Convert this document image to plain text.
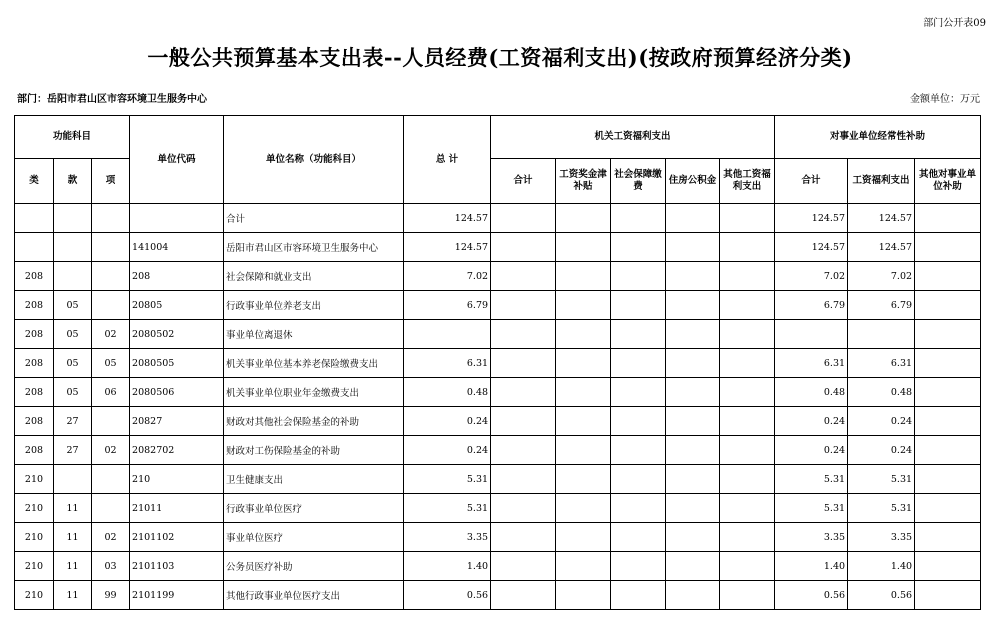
部门公开表09
一般公共预算基本支出表--人员经费(工资福利支出)(按政府预算经济分类)
部门：岳阳市君山区市容环境卫生服务中心	金额单位：万元
功能科目			单位代码	单位名称（功能科目）	总 计	机关工资福利支出					对事业单位经常性补助		
类	款	项				合计	工资奖金津补贴	社会保障缴费	住房公积金	其他工资福利支出	合计	工资福利支出	其他对事业单位补助
				合计	124.57						124.57	124.57	
			141004	岳阳市君山区市容环境卫生服务中心	124.57						124.57	124.57	
208			208	社会保障和就业支出	7.02						7.02	7.02	
208	05		20805	行政事业单位养老支出	6.79						6.79	6.79	
208	05	02	2080502	事业单位离退休									
208	05	05	2080505	机关事业单位基本养老保险缴费支出	6.31						6.31	6.31	
208	05	06	2080506	机关事业单位职业年金缴费支出	0.48						0.48	0.48	
208	27		20827	财政对其他社会保险基金的补助	0.24						0.24	0.24	
208	27	02	2082702	财政对工伤保险基金的补助	0.24						0.24	0.24	
210			210	卫生健康支出	5.31						5.31	5.31	
210	11		21011	行政事业单位医疗	5.31						5.31	5.31	
210	11	02	2101102	事业单位医疗	3.35						3.35	3.35	
210	11	03	2101103	公务员医疗补助	1.40						1.40	1.40	
210	11	99	2101199	其他行政事业单位医疗支出	0.56						0.56	0.56	
